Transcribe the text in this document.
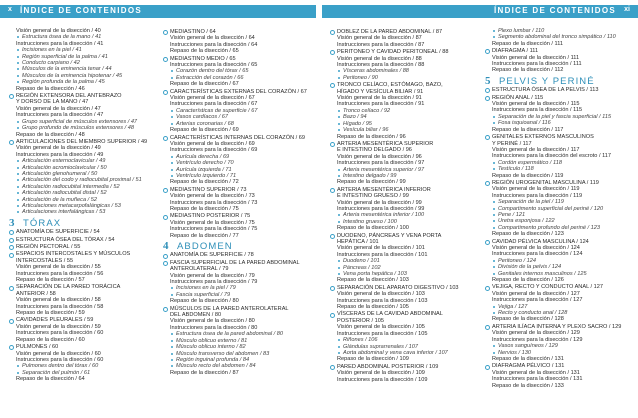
x ÍNDICE DE CONTENIDOS	ÍNDICE DE CONTENIDOS xi
Visión general de la disección / 40
Estructura ósea de la mano / 41
Instrucciones para la disección / 41
Incisiones en la piel / 41
Región superficial de la palma / 41
Conducto carpiano / 42
Músculos de la eminencia tenar / 44
Músculos de la eminencia hipotenar / 45
Región profunda de la palma / 45
Repaso de la disección / 46
REGIÓN EXTENSORA DEL ANTEBRAZO
Y DORSO DE LA MANO / 47
Visión general de la disección / 47
Instrucciones para la disección / 47
Grupo superficial de músculos extensores / 47
Grupo profundo de músculos extensores / 48
Repaso de la disección / 48
ARTICULACIONES DEL MIEMBRO SUPERIOR / 49
Visión general de la disección / 49
Instrucciones para la disección / 49
Articulación esternoclavicular / 49
Articulación acromioclavicular / 50
Articulación glenohumeral / 50
Articulación del codo y radiocubital proximal / 51
Articulación radiocubital intermedia / 52
Articulación radiocubital distal / 52
Articulación de la muñeca / 52
Articulaciones metacarpofalángicas / 53
Articulaciones interfalángicas / 53
3 TÓRAX
ANATOMÍA DE SUPERFICIE / 54
ESTRUCTURA ÓSEA DEL TÓRAX / 54
REGIÓN PECTORAL / 55
ESPACIOS INTERCOSTALES Y MÚSCULOS
INTERCOSTALES / 55
Visión general de la disección / 55
Instrucciones para la disección / 56
Repaso de la disección / 57
SEPARACIÓN DE LA PARED TORÁCICA
ANTERIOR / 58
Visión general de la disección / 58
Instrucciones para la disección / 58
Repaso de la disección / 59
CAVIDADES PLEURALES / 59
Visión general de la disección / 59
Instrucciones para la disección / 60
Repaso de la disección / 60
PULMONES / 60
Visión general de la disección / 60
Instrucciones para la disección / 60
Pulmones dentro del tórax / 60
Separación del pulmón / 61
Repaso de la disección / 64
MEDIASTINO / 64
Visión general de la disección / 64
Instrucciones para la disección / 64
Repaso de la disección / 65
MEDIASTINO MEDIO / 65
Instrucciones para la disección / 65
Corazón dentro del tórax / 65
Extracción del corazón / 66
Repaso de la disección / 67
CARACTERÍSTICAS EXTERNAS DEL CORAZÓN / 67
Visión general de la disección / 67
Instrucciones para la disección / 67
Características de superficie / 67
Vasos cardíacos / 67
Arterias coronarias / 68
Repaso de la disección / 69
CARACTERÍSTICAS INTERNAS DEL CORAZÓN / 69
Visión general de la disección / 69
Instrucciones para la disección / 69
Aurícula derecha / 69
Ventrículo derecho / 70
Aurícula izquierda / 71
Ventrículo izquierdo / 71
Repaso de la disección / 72
MEDIASTINO SUPERIOR / 73
Visión general de la disección / 73
Instrucciones para la disección / 73
Repaso de la disección / 75
MEDIASTINO POSTERIOR / 75
Visión general de la disección / 75
Instrucciones para la disección / 75
Repaso de la disección / 77
4 ABDOMEN
ANATOMÍA DE SUPERFICIE / 78
FASCIA SUPERFICIAL DE LA PARED ABDOMINAL
ANTEROLATERAL / 79
Visión general de la disección / 79
Instrucciones para la disección / 79
Incisiones en la piel / 79
Fascia superficial / 79
Repaso de la disección / 80
MÚSCULOS DE LA PARED ANTEROLATERAL
DEL ABDOMEN / 80
Visión general de la disección / 80
Instrucciones para la disección / 80
Estructura ósea de la pared abdominal / 80
Músculo oblicuo externo / 81
Músculo oblicuo interno / 82
Músculo transverso del abdomen / 83
Región inguinal profunda / 84
Músculo recto del abdomen / 84
Repaso de la disección / 87
DOBLEZ DE LA PARED ABDOMINAL / 87
Visión general de la disección / 87
Instrucciones para la disección / 87
PERITONEO Y CAVIDAD PERITONEAL / 88
Visión general de la disección / 88
Instrucciones para la disección / 88
Vísceras abdominales / 88
Peritoneo / 90
TRONCO CELÍACO, ESTÓMAGO, BAZO,
HÍGADO Y VESÍCULA BILIAR / 91
Visión general de la disección / 91
Instrucciones para la disección / 91
Tronco celíaco / 92
Bazo / 94
Hígado / 95
Vesícula biliar / 96
Repaso de la disección / 96
ARTERIA MESENTÉRICA SUPERIOR
E INTESTINO DELGADO / 96
Visión general de la disección / 96
Instrucciones para la disección / 97
Arteria mesentérica superior / 97
Intestino delgado / 99
Repaso de la disección / 99
ARTERIA MESENTÉRICA INFERIOR
E INTESTINO GRUESO / 99
Visión general de la disección / 99
Instrucciones para la disección / 99
Arteria mesentérica inferior / 100
Intestino grueso / 100
Repaso de la disección / 100
DUODENO, PÁNCREAS Y VENA PORTA
HEPÁTICA / 101
Visión general de la disección / 101
Instrucciones para la disección / 101
Duodeno / 101
Páncreas / 102
Vena porta hepática / 103
Repaso de la disección / 103
SEPARACIÓN DEL APARATO DIGESTIVO / 103
Visión general de la disección / 103
Instrucciones para la disección / 103
Repaso de la disección / 105
VÍSCERAS DE LA CAVIDAD ABDOMINAL
POSTERIOR / 105
Visión general de la disección / 105
Instrucciones para la disección / 105
Riñones / 106
Glándulas suprarrenales / 107
Aorta abdominal y vena cava inferior / 107
Repaso de la disección / 109
PARED ABDOMINAL POSTERIOR / 109
Visión general de la disección / 109
Instrucciones para la disección / 109
Plexo lumbar / 110
Segmento abdominal del tronco simpático / 110
Repaso de la disección / 111
DIAFRAGMA / 111
Visión general de la disección / 111
Instrucciones para la disección / 111
Repaso de la disección / 112
5 PELVIS Y PERINÉ
ESTRUCTURA ÓSEA DE LA PELVIS / 113
REGIÓN ANAL / 115
Visión general de la disección / 115
Instrucciones para la disección / 115
Separación de la piel y fascia superficial / 115
Fosa isquioanal / 116
Repaso de la disección / 117
GENITALES EXTERNOS MASCULINOS
Y PERINÉ / 117
Visión general de la disección / 117
Instrucciones para la disección del escroto / 117
Cordón espermático / 118
Testículo / 118
Repaso de la disección / 119
REGIÓN UROGENITAL MASCULINA / 119
Visión general de la disección / 119
Instrucciones para la disección / 119
Separación de la piel / 119
Compartimento superficial del periné / 120
Pene / 121
Uretra esponjosa / 122
Compartimento profundo del periné / 123
Repaso de la disección / 123
CAVIDAD PÉLVICA MASCULINA / 124
Visión general de la disección / 124
Instrucciones para la disección / 124
Peritoneo / 124
División de la pelvis / 124
Genitales internos masculinos / 125
Repaso de la disección / 126
VEJIGA, RECTO Y CONDUCTO ANAL / 127
Visión general de la disección / 127
Instrucciones para la disección / 127
Vejiga / 127
Recto y conducto anal / 128
Repaso de la disección / 128
ARTERIA ILÍACA INTERNA Y PLEXO SACRO / 129
Visión general de la disección / 129
Instrucciones para la disección / 129
Vasos sanguíneos / 129
Nervios / 130
Repaso de la disección / 131
DIAFRAGMA PÉLVICO / 131
Visión general de la disección / 131
Instrucciones para la disección / 131
Repaso de la disección / 133
